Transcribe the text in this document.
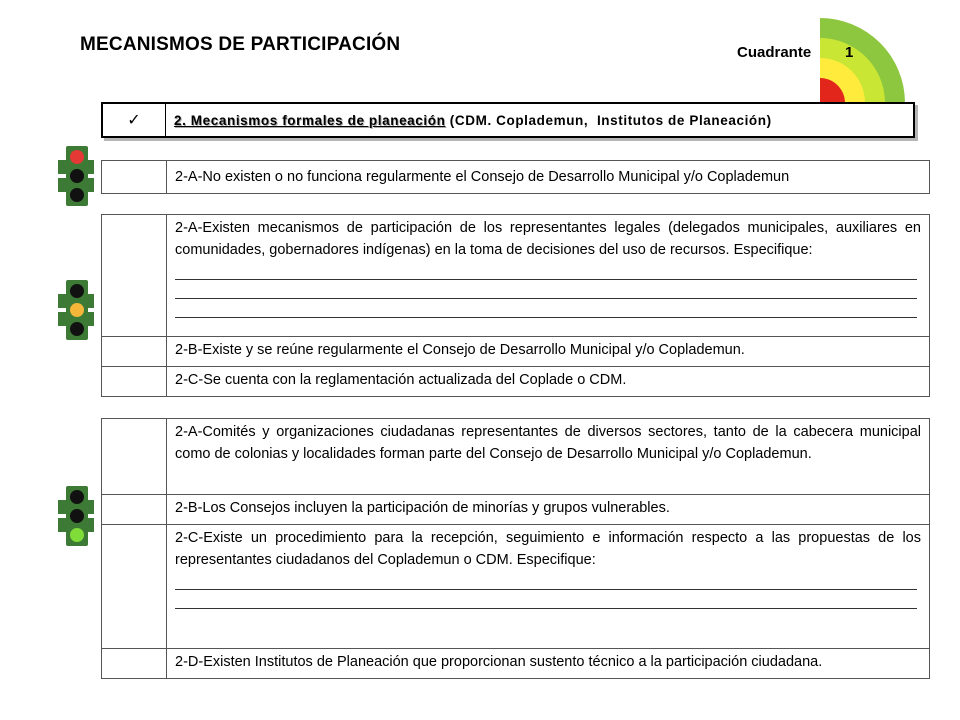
MECANISMOS DE PARTICIPACIÓN	Cuadrante 1
✓	2. Mecanismos formales de planeación (CDM. Coplademun,  Institutos de Planeación)

2-A-No existen o no funciona regularmente el Consejo de Desarrollo Municipal y/o Coplademun

	2-A-Existen mecanismos de participación de los representantes legales (delegados municipales, auxiliares en comunidades, gobernadores indígenas) en la toma de decisiones del uso de recursos. Especifique:

	2-B-Existe y se reúne regularmente el Consejo de Desarrollo Municipal y/o Coplademun.

	2-C-Se cuenta con la reglamentación actualizada del Coplade o CDM.

	2-A-Comités y organizaciones ciudadanas representantes de diversos sectores, tanto de la cabecera municipal como de colonias y localidades forman parte del Consejo de Desarrollo Municipal y/o Coplademun.

	2-B-Los Consejos incluyen la participación de minorías y grupos vulnerables.

	2-C-Existe un procedimiento para la recepción, seguimiento e información respecto a las propuestas de los representantes ciudadanos del Coplademun o CDM. Especifique:

	2-D-Existen Institutos de Planeación que proporcionan sustento técnico a la participación ciudadana.
